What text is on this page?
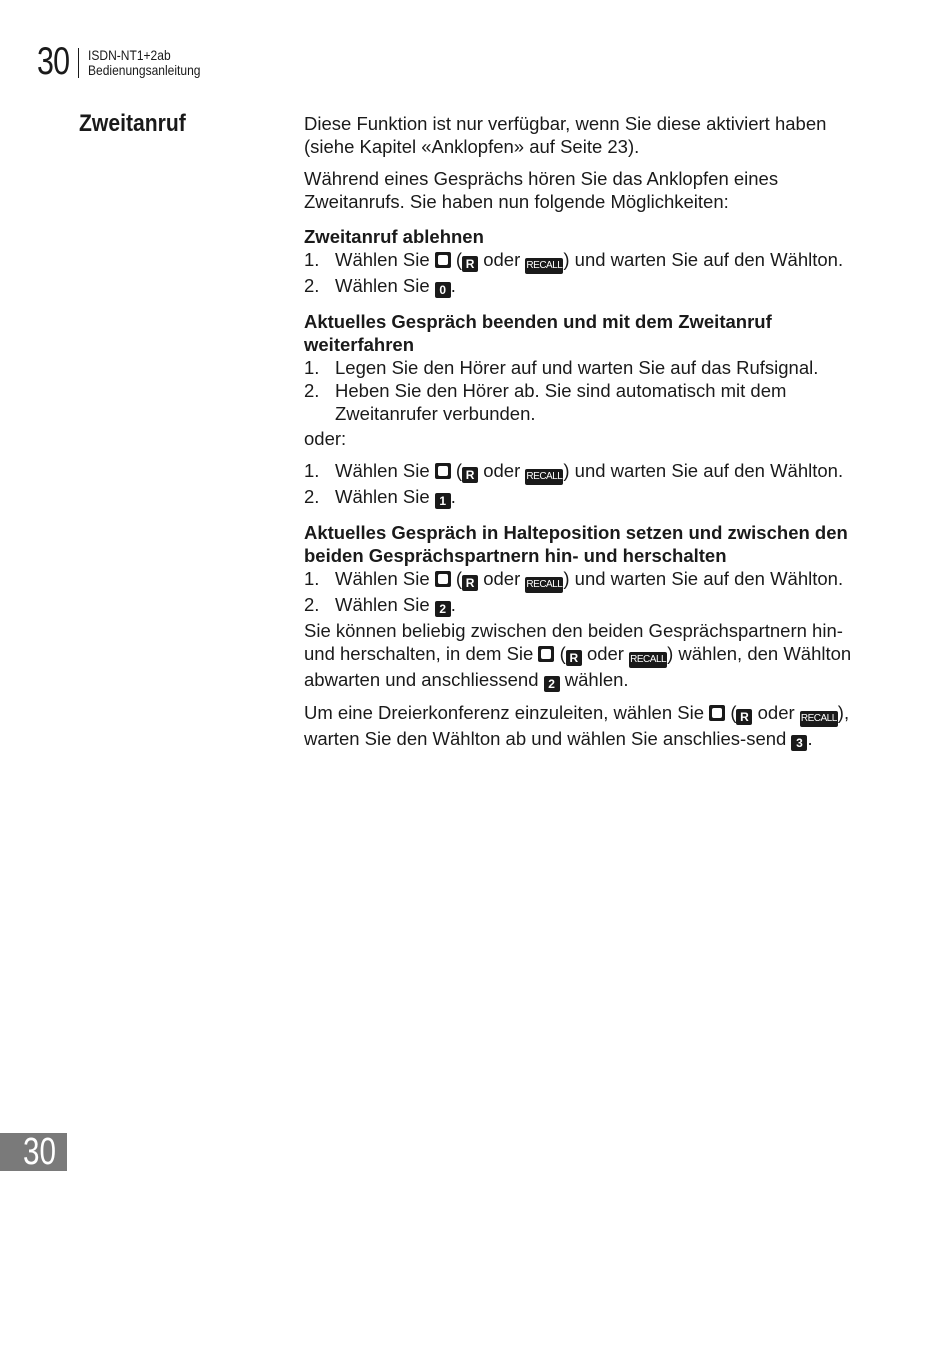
30 ISDN-NT1+2ab
Bedienungsanleitung
Zweitanruf	Diese Funktion ist nur verfügbar, wenn Sie diese aktiviert haben (siehe Kapitel «Anklopfen» auf Seite 23).

Während eines Gesprächs hören Sie das Anklopfen eines Zweitanrufs. Sie haben nun folgende Möglichkeiten:

Zweitanruf ablehnen
1. Wählen Sie ( R oder RECALL) und warten Sie auf den Wählton.
2. Wählen Sie 0 .
Aktuelles Gespräch beenden und mit dem Zweitanruf weiterfahren
1. Legen Sie den Hörer auf und warten Sie auf das Rufsignal.
2. Heben Sie den Hörer ab. Sie sind automatisch mit dem Zweitanrufer verbunden.

oder:

1. Wählen Sie ( R oder RECALL) und warten Sie auf den Wählton.
2. Wählen Sie 1 .
Aktuelles Gespräch in Halteposition setzen und zwischen den beiden Gesprächspartnern hin- und herschalten
1. Wählen Sie ( R oder RECALL) und warten Sie auf den Wählton.
2. Wählen Sie 2 .

Sie können beliebig zwischen den beiden Gesprächspartnern hin- und herschalten, in dem Sie ( R oder RECALL) wählen, den Wählton abwarten und anschliessend 2 wählen.

Um eine Dreierkonferenz einzuleiten, wählen Sie ( R oder RECALL), warten Sie den Wählton ab und wählen Sie anschlies-send 3 .

30
